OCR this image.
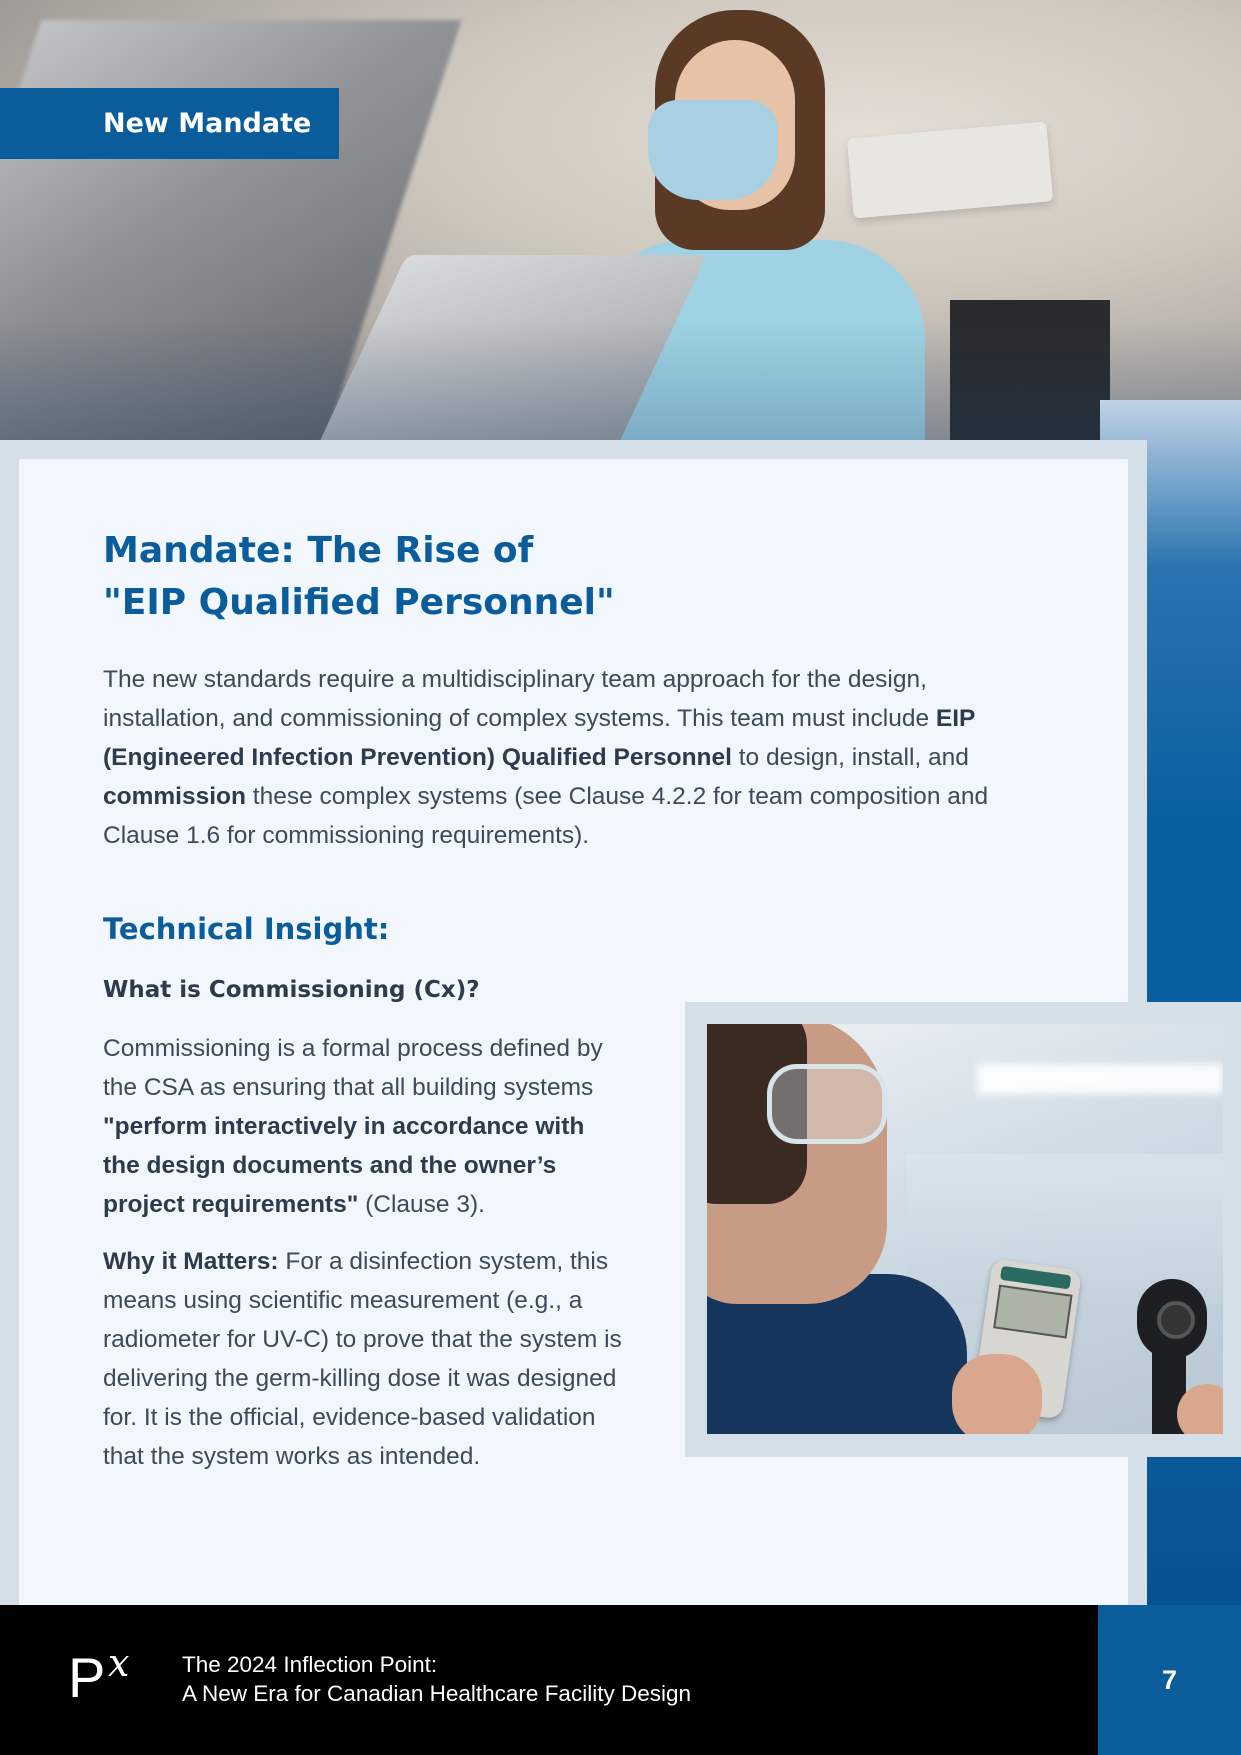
New Mandate
Mandate: The Rise of
"EIP Qualified Personnel"

The new standards require a multidisciplinary team approach for the design, installation, and commissioning of complex systems. This team must include EIP (Engineered Infection Prevention) Qualified Personnel to design, install, and commission these complex systems (see Clause 4.2.2 for team composition and Clause 1.6 for commissioning requirements).

Technical Insight:
What is Commissioning (Cx)?

Commissioning is a formal process defined by the CSA as ensuring that all building systems "perform interactively in accordance with the design documents and the owner’s project requirements" (Clause 3).

Why it Matters: For a disinfection system, this means using scientific measurement (e.g., a radiometer for UV-C) to prove that the system is delivering the germ-killing dose it was designed for. It is the official, evidence-based validation that the system works as intended.

P x The 2024 Inflection Point:
A New Era for Canadian Healthcare Facility Design	7
